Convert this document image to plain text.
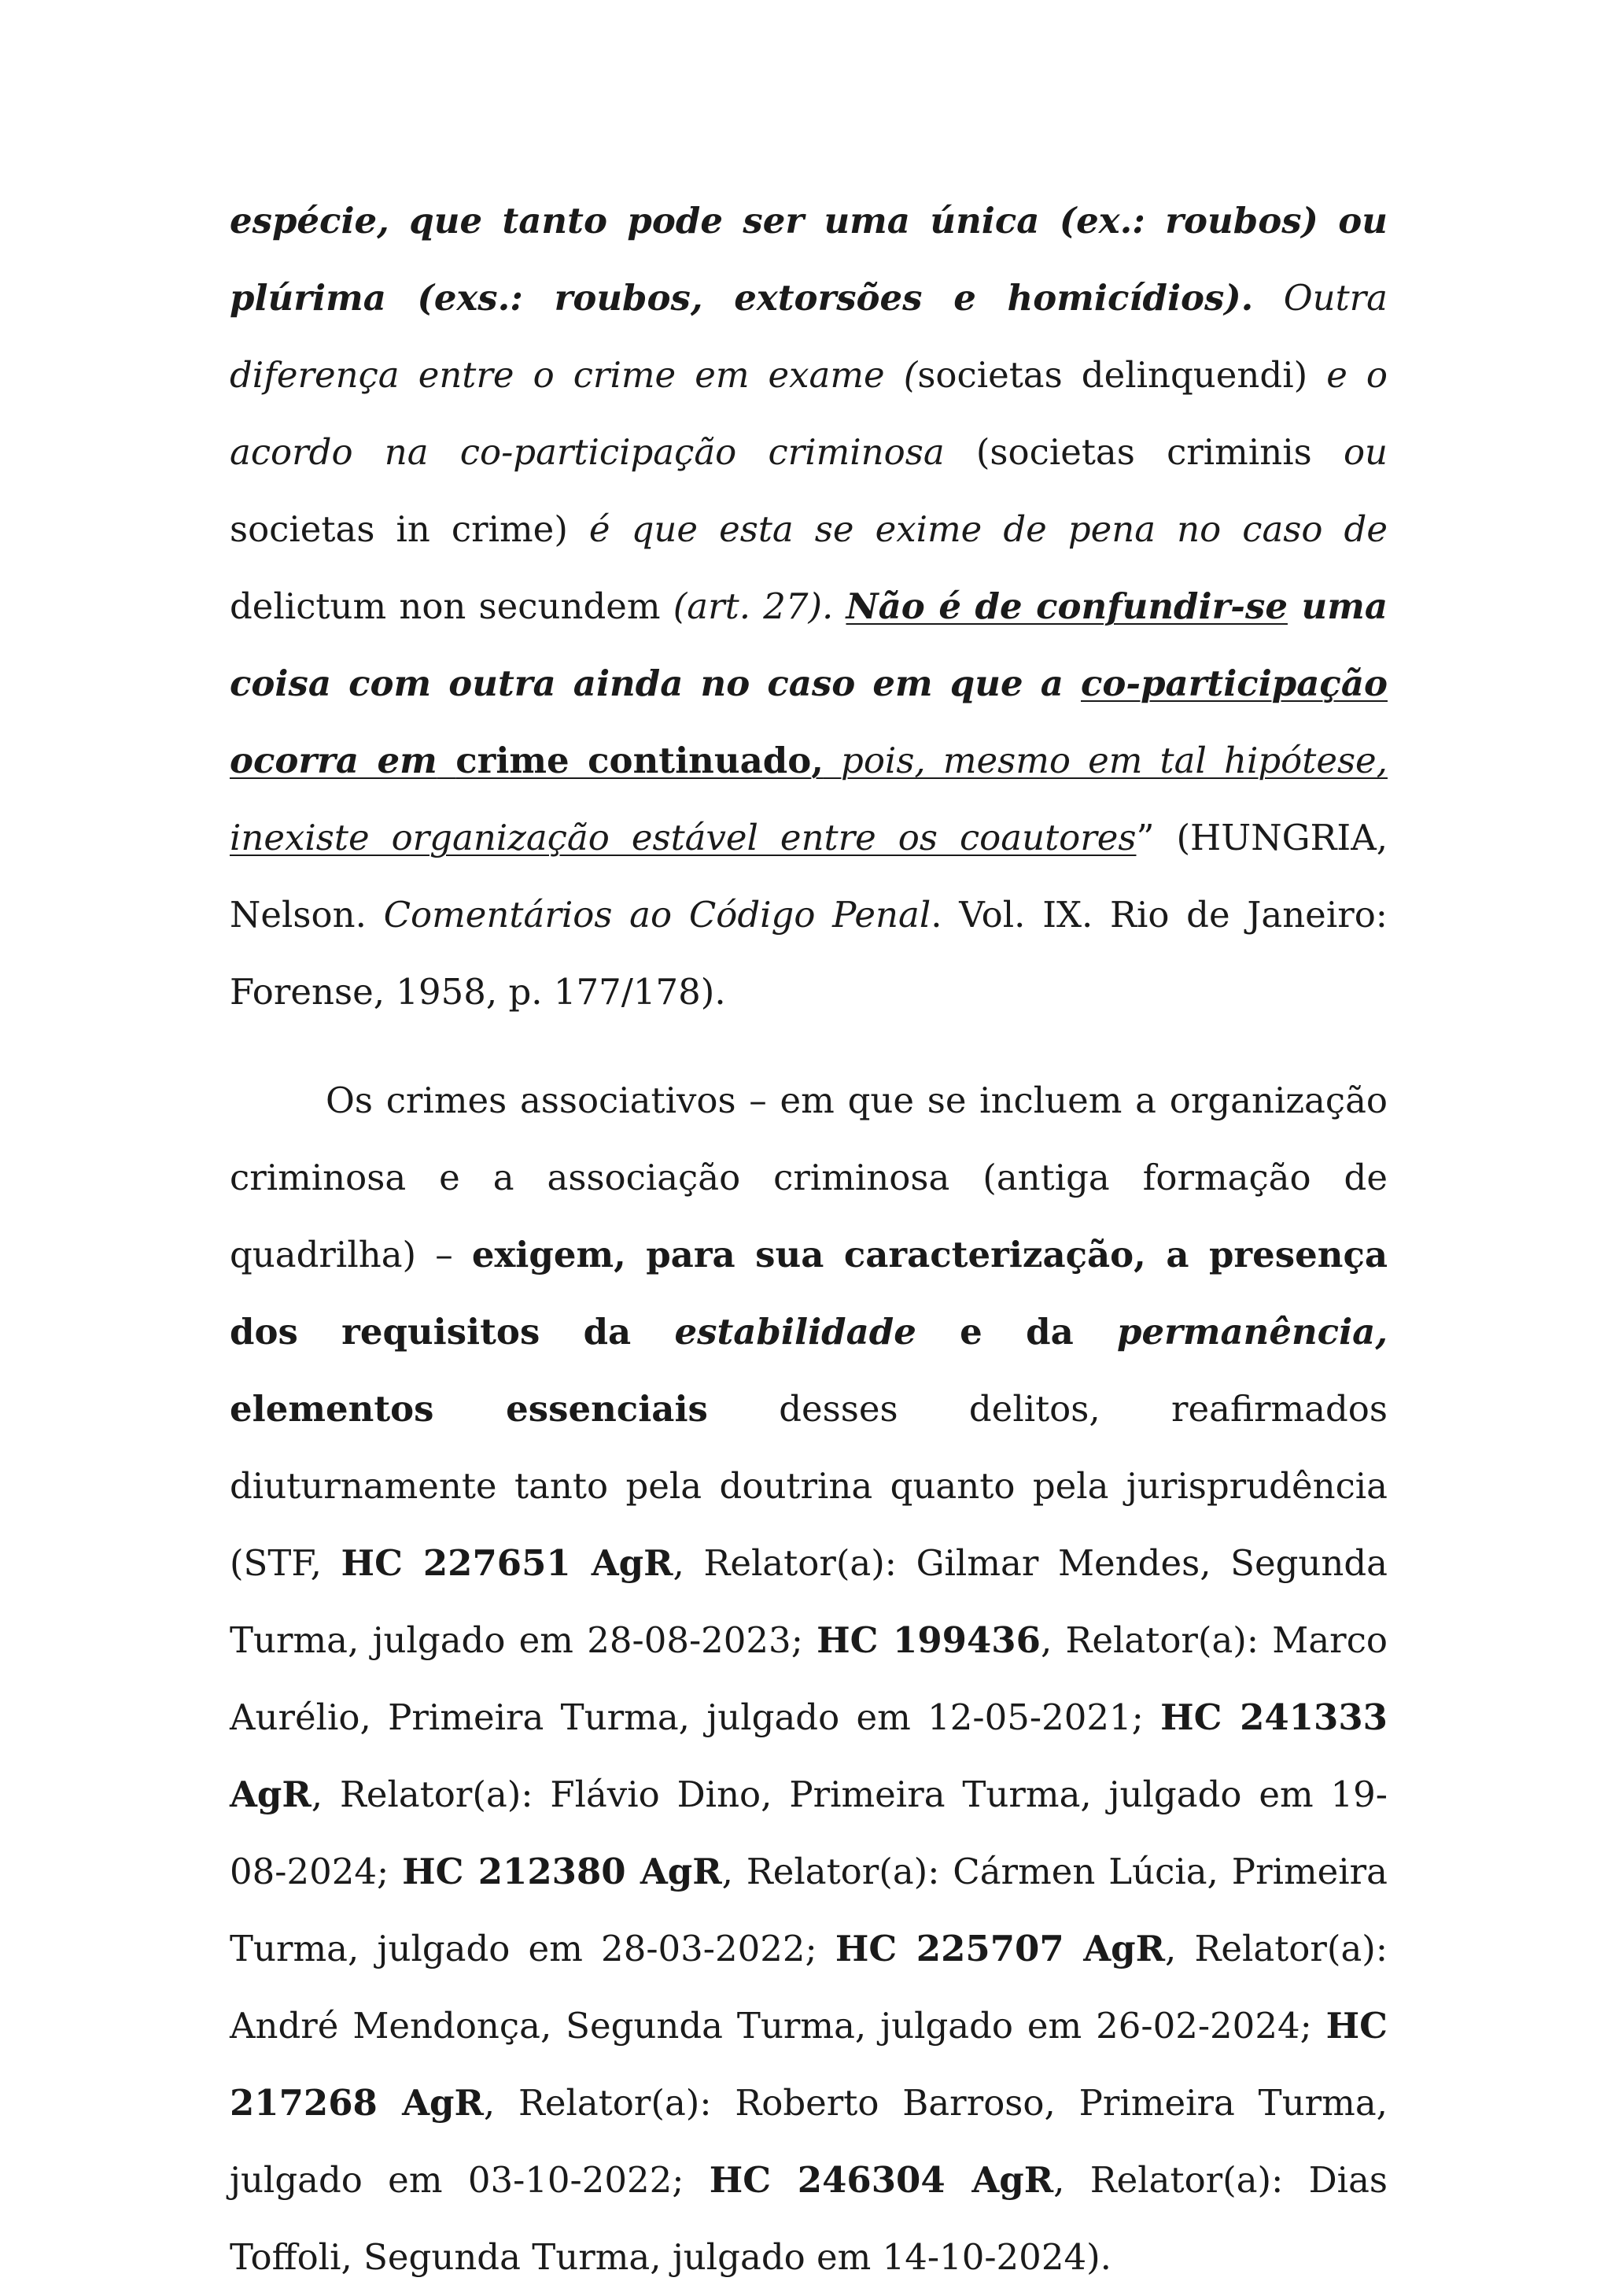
espécie, que tanto pode ser uma única (ex.: roubos) ou plúrima (exs.: roubos, extorsões e homicídios). Outra diferença entre o crime em exame (societas delinquendi) e o acordo na co-participação criminosa (societas criminis ou societas in crime) é que esta se exime de pena no caso de delictum non secundem (art. 27). Não é de confundir-se uma coisa com outra ainda no caso em que a co-participação ocorra em crime continuado, pois, mesmo em tal hipótese, inexiste organização estável entre os coautores” (HUNGRIA, Nelson. Comentários ao Código Penal. Vol. IX. Rio de Janeiro: Forense, 1958, p. 177/178).

Os crimes associativos – em que se incluem a organização criminosa e a associação criminosa (antiga formação de quadrilha) – exigem, para sua caracterização, a presença dos requisitos da estabilidade e da permanência, elementos essenciais desses delitos, reafirmados diuturnamente tanto pela doutrina quanto pela jurisprudência (STF, HC 227651 AgR, Relator(a): Gilmar Mendes, Segunda Turma, julgado em 28-08-2023; HC 199436, Relator(a): Marco Aurélio, Primeira Turma, julgado em 12-05-2021; HC 241333 AgR, Relator(a): Flávio Dino, Primeira Turma, julgado em 19-08-2024; HC 212380 AgR, Relator(a): Cármen Lúcia, Primeira Turma, julgado em 28-03-2022; HC 225707 AgR, Relator(a): André Mendonça, Segunda Turma, julgado em 26-02-2024; HC 217268 AgR, Relator(a): Roberto Barroso, Primeira Turma, julgado em 03-10-2022; HC 246304 AgR, Relator(a): Dias Toffoli, Segunda Turma, julgado em 14-10-2024).
